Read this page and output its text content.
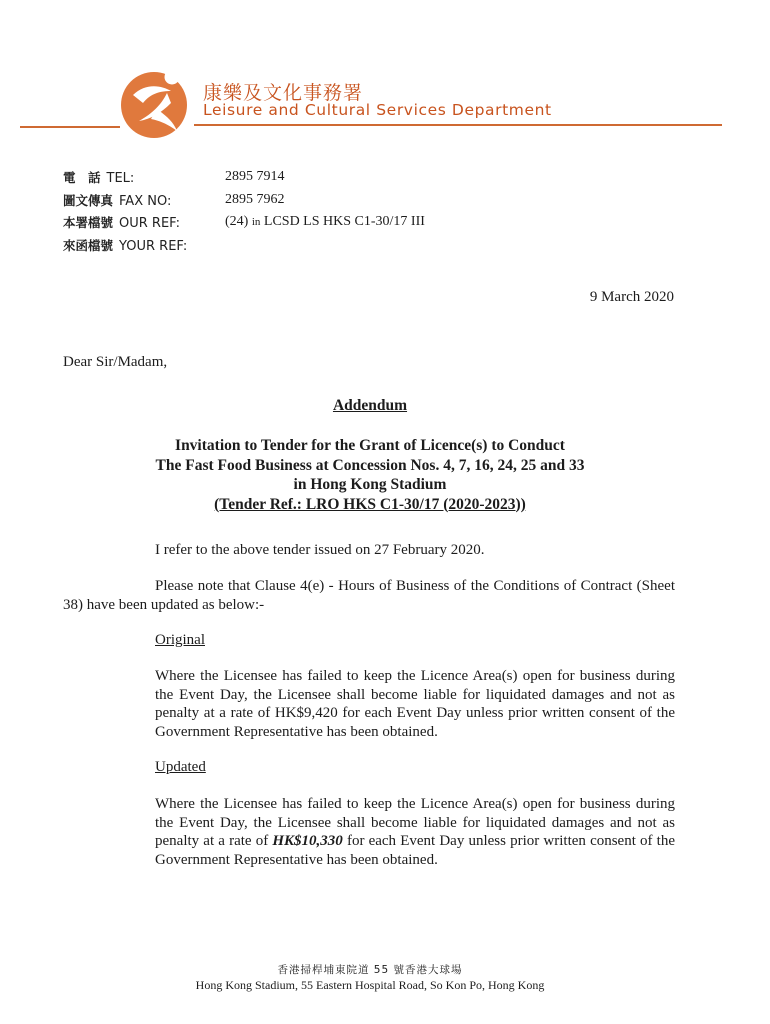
康樂及文化事務署
Leisure and Cultural Services Department
電　話 TEL:	2895 7914
圖文傳真 FAX NO:	2895 7962
本署檔號 OUR REF:	(24) in LCSD LS HKS C1-30/17 III
來函檔號 YOUR REF:
9 March 2020
Dear Sir/Madam,
Addendum
Invitation to Tender for the Grant of Licence(s) to Conduct
The Fast Food Business at Concession Nos. 4, 7, 16, 24, 25 and 33
in Hong Kong Stadium
(Tender Ref.: LRO HKS C1-30/17 (2020-2023))
I refer to the above tender issued on 27 February 2020.
Please note that Clause 4(e) - Hours of Business of the Conditions of Contract (Sheet 38) have been updated as below:-
Original
Where the Licensee has failed to keep the Licence Area(s) open for business during the Event Day, the Licensee shall become liable for liquidated damages and not as penalty at a rate of HK$9,420 for each Event Day unless prior written consent of the Government Representative has been obtained.
Updated
Where the Licensee has failed to keep the Licence Area(s) open for business during the Event Day, the Licensee shall become liable for liquidated damages and not as penalty at a rate of HK$10,330 for each Event Day unless prior written consent of the Government Representative has been obtained.
香港掃桿埔東院道 55 號香港大球場
Hong Kong Stadium, 55 Eastern Hospital Road, So Kon Po, Hong Kong
